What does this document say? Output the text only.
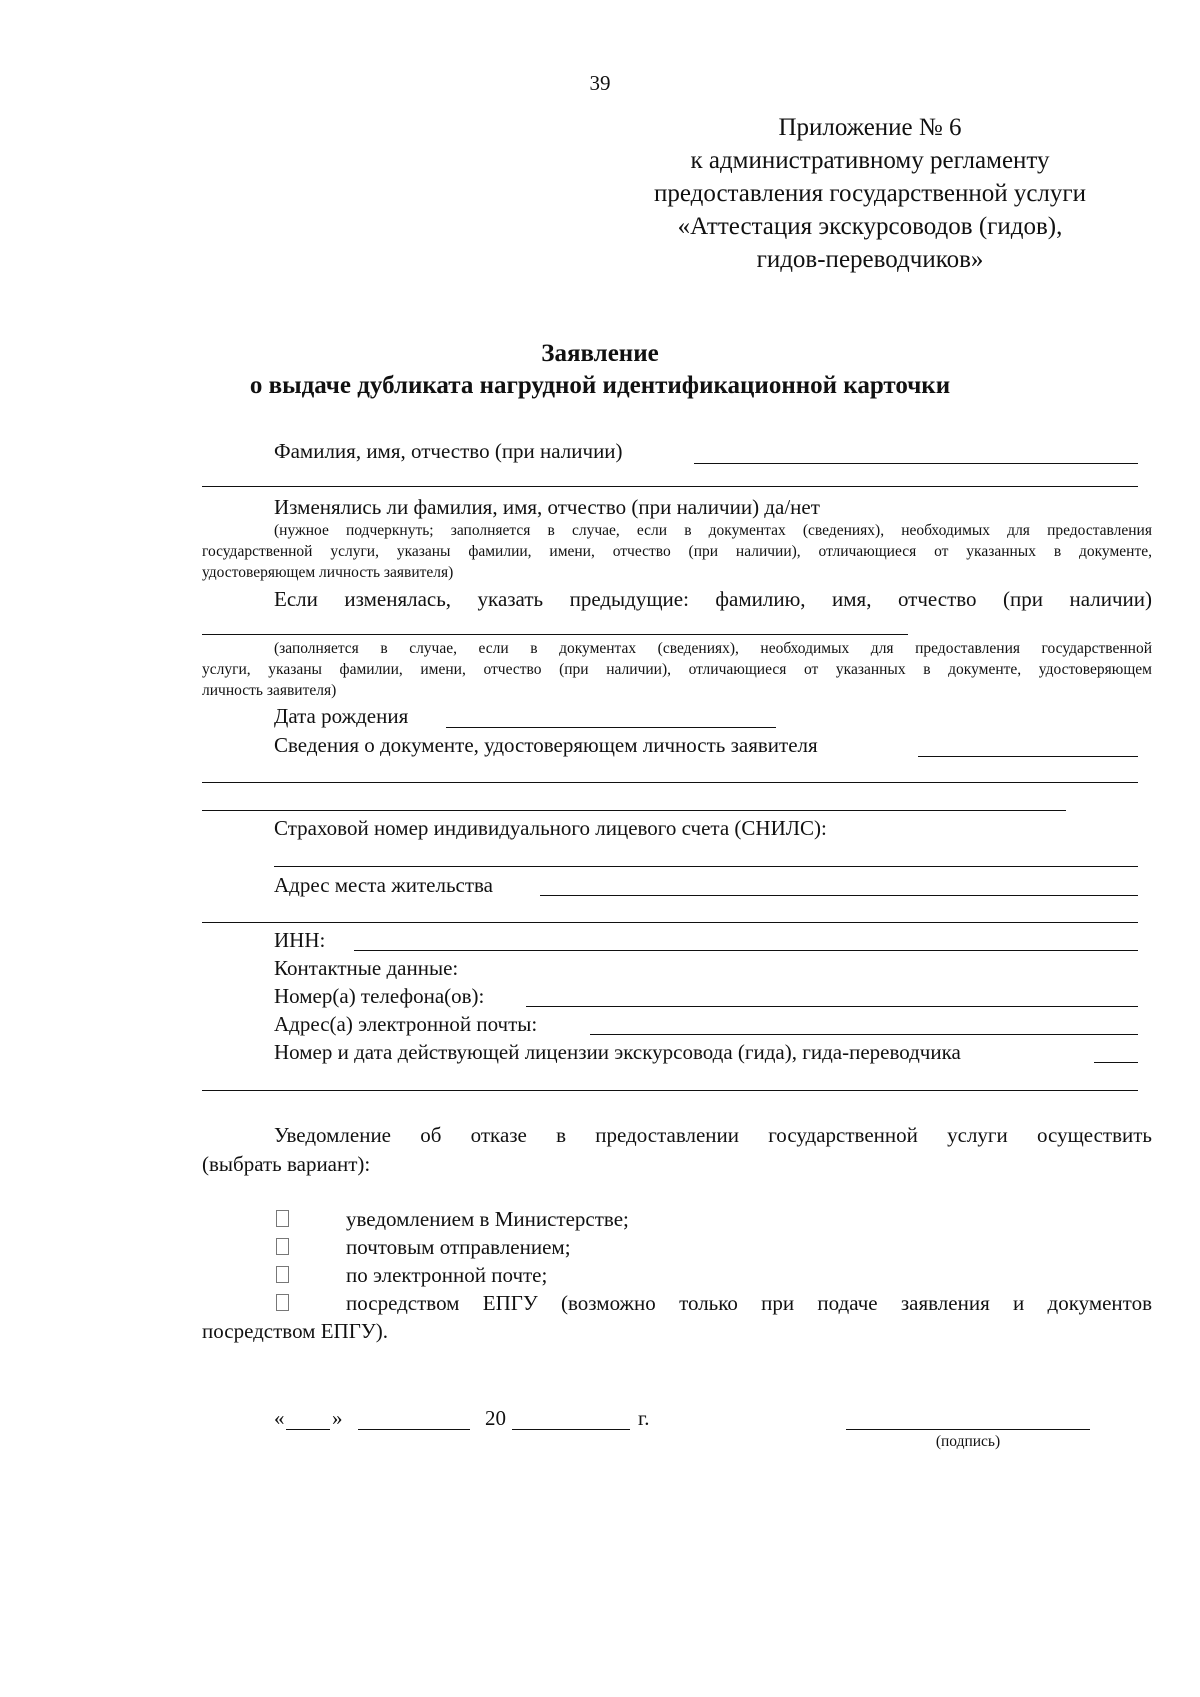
39
Приложение № 6
к административному регламенту
предоставления государственной услуги
«Аттестация экскурсоводов (гидов),
гидов-переводчиков»
Заявление
о выдаче дубликата нагрудной идентификационной карточки
Фамилия, имя, отчество (при наличии)
Изменялись ли фамилия, имя, отчество (при наличии) да/нет
(нужное подчеркнуть; заполняется в случае, если в документах (сведениях), необходимых для предоставления
государственной услуги, указаны фамилии, имени, отчество (при наличии), отличающиеся от указанных в документе,
удостоверяющем личность заявителя)
Если изменялась, указать предыдущие: фамилию, имя, отчество (при наличии)
(заполняется в случае, если в документах (сведениях), необходимых для предоставления государственной
услуги, указаны фамилии, имени, отчество (при наличии), отличающиеся от указанных в документе, удостоверяющем
личность заявителя)
Дата рождения
Сведения о документе, удостоверяющем личность заявителя
Страховой номер индивидуального лицевого счета (СНИЛС):
Адрес места жительства
ИНН:
Контактные данные:
Номер(а) телефона(ов):
Адрес(а) электронной почты:
Номер и дата действующей лицензии экскурсовода (гида), гида-переводчика
Уведомление об отказе в предоставлении государственной услуги осуществить
(выбрать вариант):
уведомлением в Министерстве;
почтовым отправлением;
по электронной почте;
посредством ЕПГУ (возможно только при подаче заявления и документов
посредством ЕПГУ).
« »	20	г.
(подпись)
